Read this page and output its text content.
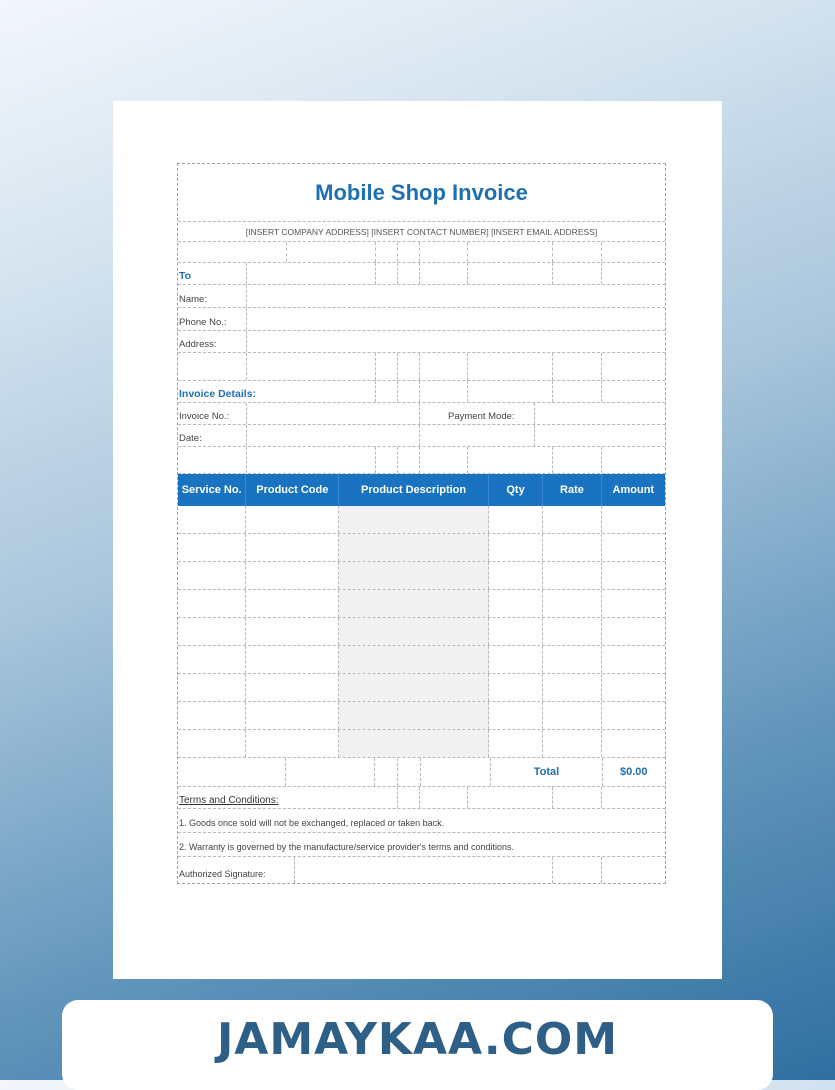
Mobile Shop Invoice
[INSERT COMPANY ADDRESS] [INSERT CONTACT NUMBER] [INSERT EMAIL ADDRESS]
To
Name:
Phone No.:
Address:
Invoice Details:
Invoice No.:	Payment Mode:
Date:
Service No.	Product Code	Product Description	Qty	Rate	Amount
Total	$0.00
Terms and Conditions:
1. Goods once sold will not be exchanged, replaced or taken back.
2. Warranty is governed by the manufacture/service provider's terms and conditions.
Authorized Signature:
JAMAYKAA.COM
